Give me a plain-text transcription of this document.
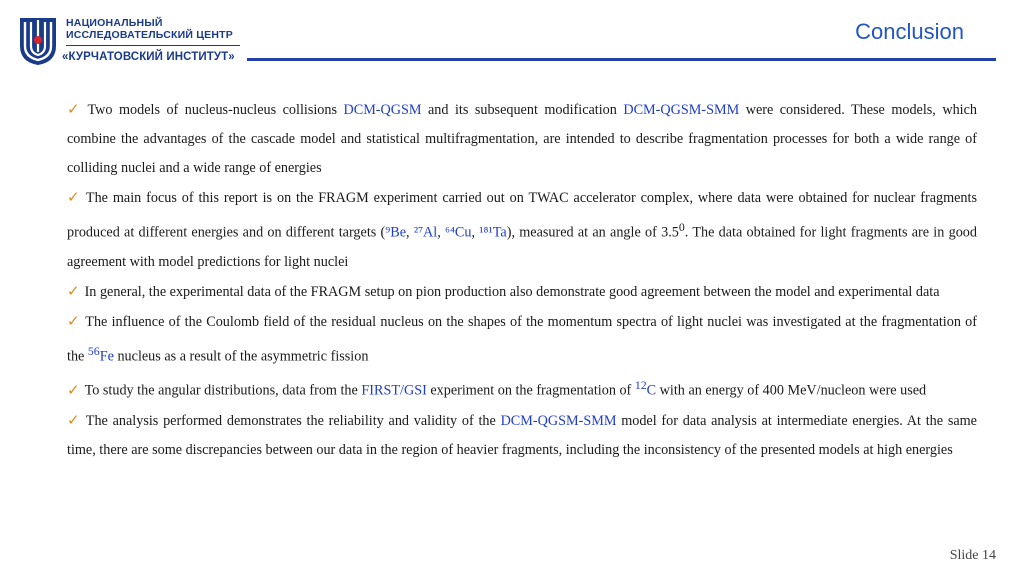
НАЦИОНАЛЬНЫЙ
ИССЛЕДОВАТЕЛЬСКИЙ ЦЕНТР
«КУРЧАТОВСКИЙ ИНСТИТУТ»
Conclusion

✓ Two models of nucleus-nucleus collisions DCM-QGSM and its subsequent modification DCM-QGSM-SMM were considered. These models, which combine the advantages of the cascade model and statistical multifragmentation, are intended to describe fragmentation processes for both a wide range of colliding nuclei and a wide range of energies

✓ The main focus of this report is on the FRAGM experiment carried out on TWAC accelerator complex, where data were obtained for nuclear fragments produced at different energies and on different targets (⁹Be, ²⁷Al, ⁶⁴Cu, ¹⁸¹Ta), measured at an angle of $3.5^0$. The data obtained for light fragments are in good agreement with model predictions for light nuclei

✓ In general, the experimental data of the FRAGM setup on pion production also demonstrate good agreement between the model and experimental data

✓ The influence of the Coulomb field of the residual nucleus on the shapes of the momentum spectra of light nuclei was investigated at the fragmentation of the $^{56}$Fe nucleus as a result of the asymmetric fission

✓ To study the angular distributions, data from the FIRST/GSI experiment on the fragmentation of $^{12}$C with an energy of 400 MeV/nucleon were used

✓ The analysis performed demonstrates the reliability and validity of the DCM-QGSM-SMM model for data analysis at intermediate energies. At the same time, there are some discrepancies between our data in the region of heavier fragments, including the inconsistency of the presented models at high energies

Slide 14
